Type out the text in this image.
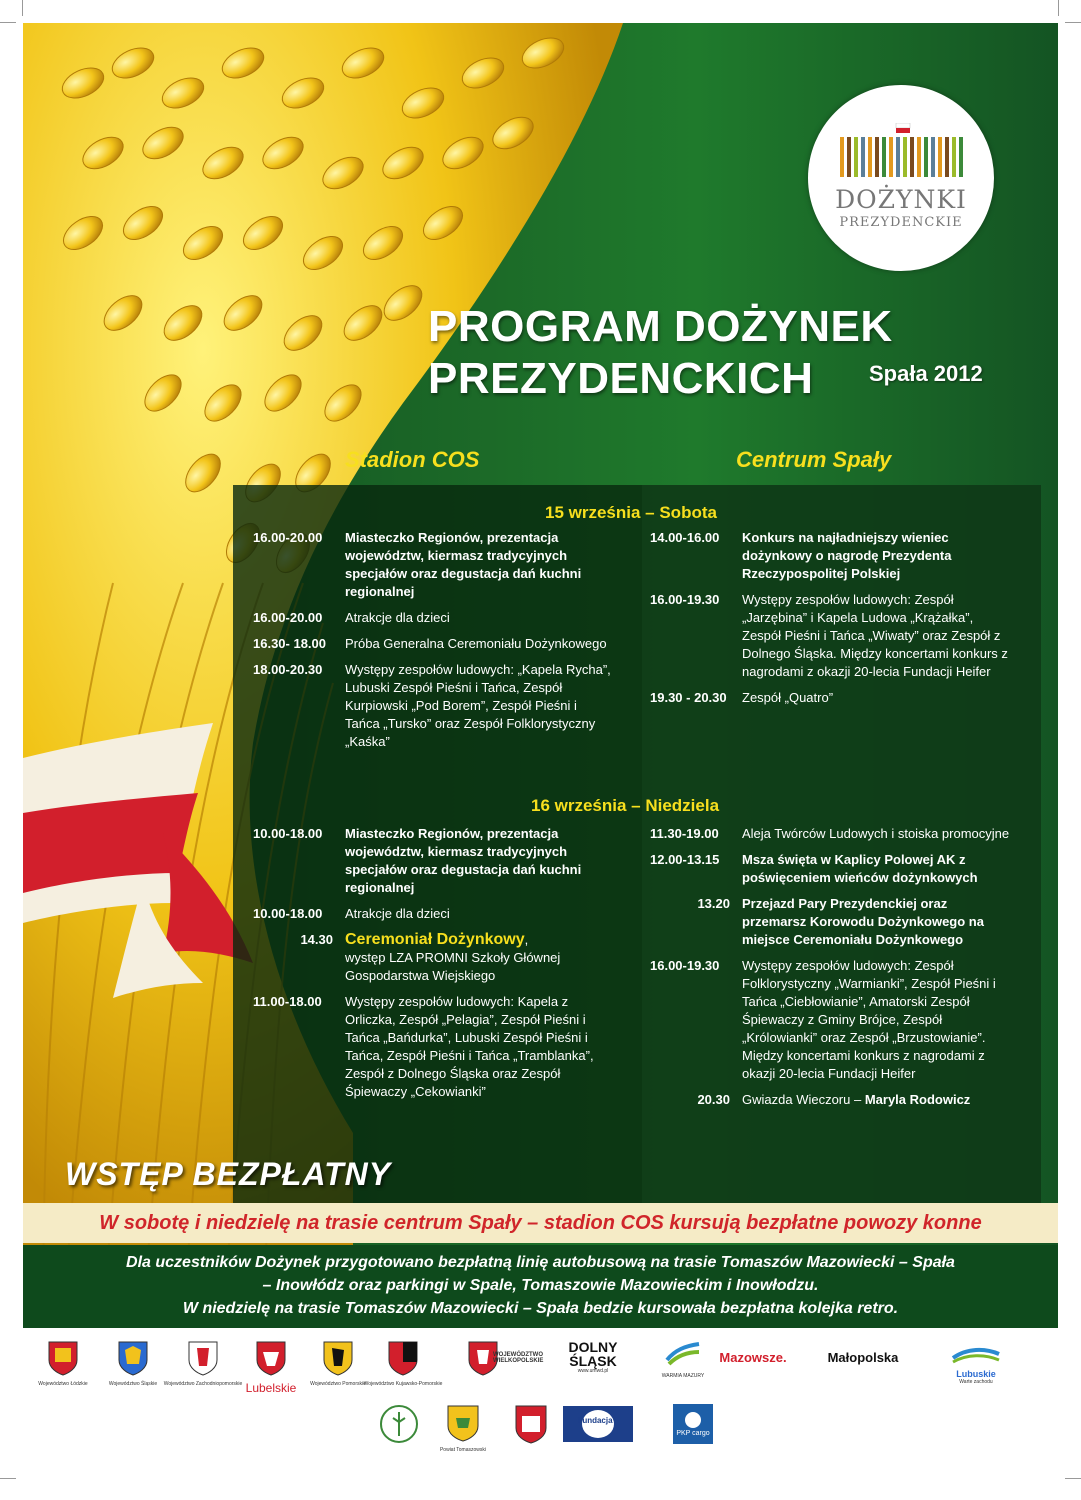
DOŻYNKI
PREZYDENCKIE
PROGRAM DOŻYNEK
PREZYDENCKICH	Spała 2012
Stadion COS	Centrum Spały
15 września – Sobota
16.00-20.00	Miasteczko Regionów, prezentacja województw, kiermasz tradycyjnych specjałów oraz degustacja dań kuchni regionalnej
16.00-20.00	Atrakcje dla dzieci
16.30- 18.00	Próba Generalna Ceremoniału Dożynkowego
18.00-20.30	Występy zespołów ludowych: „Kapela Rycha”, Lubuski Zespół Pieśni i Tańca, Zespół Kurpiowski „Pod Borem”, Zespół Pieśni i Tańca „Tursko” oraz Zespół Folklorystyczny „Kaśka”
14.00-16.00	Konkurs na najładniejszy wieniec dożynkowy o nagrodę Prezydenta Rzeczypospolitej Polskiej
16.00-19.30	Występy zespołów ludowych: Zespół „Jarzębina” i Kapela Ludowa „Krążałka”, Zespół Pieśni i Tańca „Wiwaty” oraz Zespół z Dolnego Śląska. Między koncertami konkurs z nagrodami z okazji 20-lecia Fundacji Heifer
19.30 - 20.30	Zespół „Quatro”
16 września – Niedziela
10.00-18.00	Miasteczko Regionów, prezentacja województw, kiermasz tradycyjnych specjałów oraz degustacja dań kuchni regionalnej
10.00-18.00	Atrakcje dla dzieci
14.30 Ceremoniał Dożynkowy,
występ LZA PROMNI Szkoły Głównej Gospodarstwa Wiejskiego
11.00-18.00	Występy zespołów ludowych: Kapela z Orliczka, Zespół „Pelagia”, Zespół Pieśni i Tańca „Bańdurka”, Lubuski Zespół Pieśni i Tańca, Zespół Pieśni i Tańca „Tramblanka”, Zespół z Dolnego Śląska oraz Zespół Śpiewaczy „Cekowianki”
11.30-19.00	Aleja Twórców Ludowych i stoiska promocyjne
12.00-13.15	Msza święta w Kaplicy Polowej AK z poświęceniem wieńców dożynkowych
13.20 Przejazd Pary Prezydenckiej oraz przemarsz Korowodu Dożynkowego na miejsce Ceremoniału Dożynkowego
16.00-19.30	Występy zespołów ludowych: Zespół Folklorystyczny „Warmianki”, Zespół Pieśni i Tańca „Ciebłowianie”, Amatorski Zespół Śpiewaczy z Gminy Brójce, Zespół „Królowianki” oraz Zespół „Brzustowianie”. Między koncertami konkurs z nagrodami z okazji 20-lecia Fundacji Heifer
20.30 Gwiazda Wieczoru – Maryla Rodowicz
WSTĘP BEZPŁATNY
W sobotę i niedzielę na trasie centrum Spały – stadion COS kursują bezpłatne powozy konne
Dla uczestników Dożynek przygotowano bezpłatną linię autobusową na trasie Tomaszów Mazowiecki – Spała
– Inowłódz oraz parkingi w Spale, Tomaszowie Mazowieckim i Inowłodzu.
W niedzielę na trasie Tomaszów Mazowiecki – Spała bedzie kursowała bezpłatna kolejka retro.
Województwo Łódzkie	Województwo Śląskie	Województwo Zachodniopomorskie Lubelskie	Województwo Pomorskie
Województwo Kujawsko-Pomorskie
WOJEWÓDZTWO WIELKOPOLSKIE
DOLNY ŚLĄSK
www.umwd.pl
WARMIA MAZURY
Mazowsze.	Małopolska
Lubuskie
Warte zachodu
Powiat Tomaszowski
Fundacja
PKP cargo
